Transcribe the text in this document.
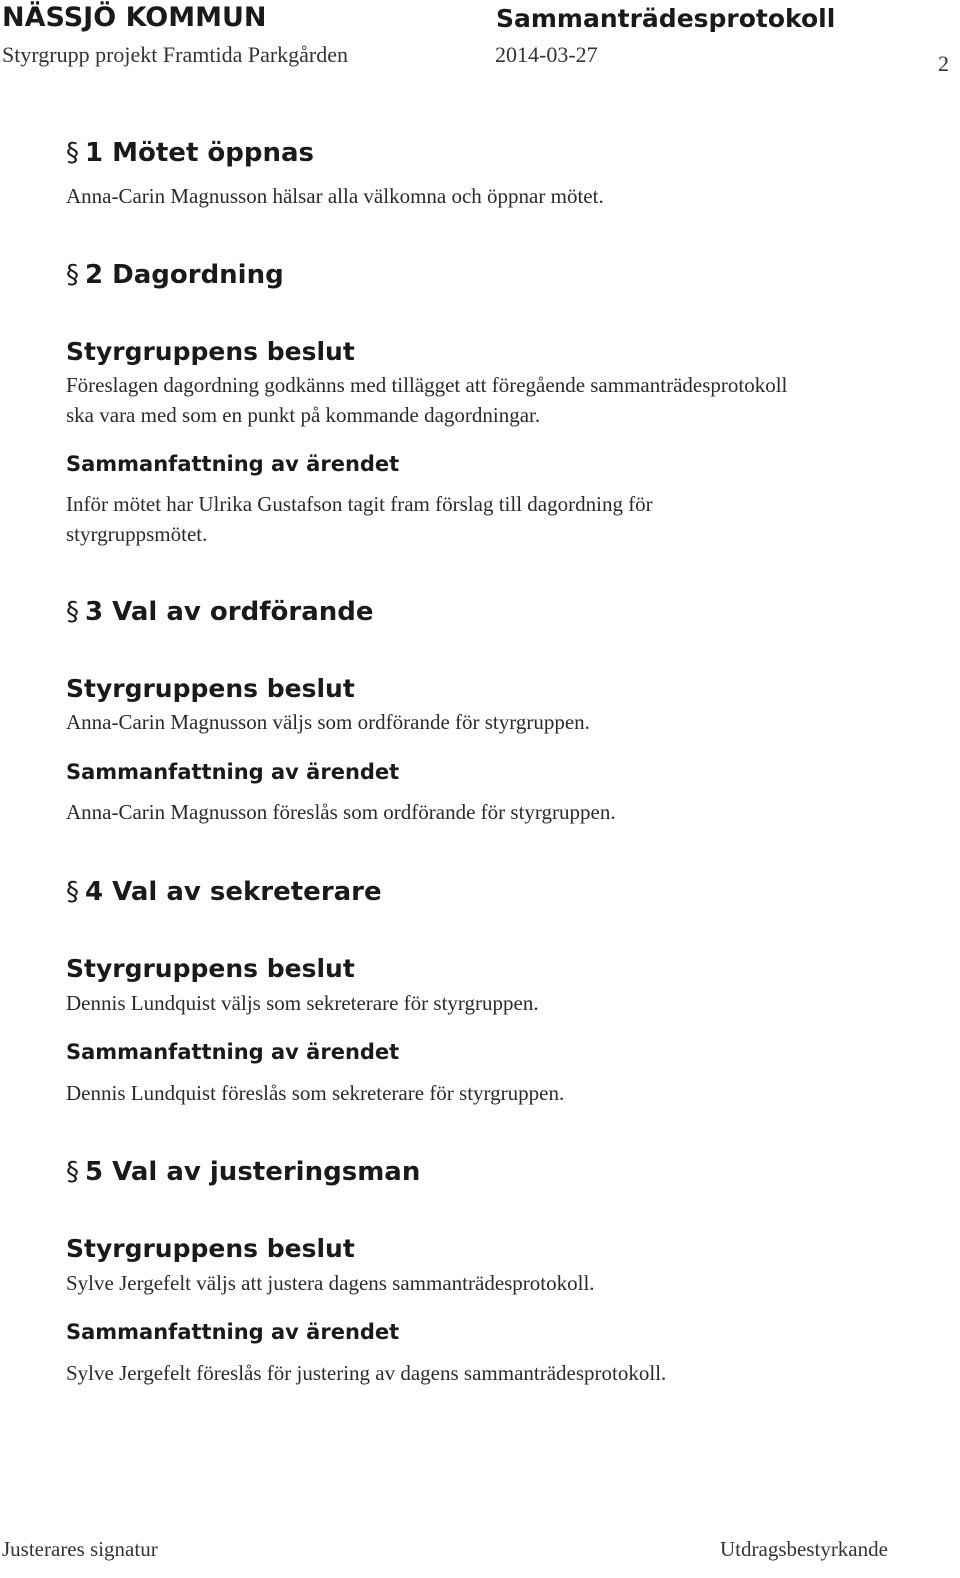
NÄSSJÖ KOMMUN	Sammanträdesprotokoll
Styrgrupp projekt Framtida Parkgården	2014-03-27	2
§ 1 Mötet öppnas
Anna-Carin Magnusson hälsar alla välkomna och öppnar mötet.
§ 2 Dagordning
Styrgruppens beslut
Föreslagen dagordning godkänns med tillägget att föregående sammanträdesprotokoll
ska vara med som en punkt på kommande dagordningar.
Sammanfattning av ärendet
Inför mötet har Ulrika Gustafson tagit fram förslag till dagordning för
styrgruppsmötet.
§ 3 Val av ordförande
Styrgruppens beslut
Anna-Carin Magnusson väljs som ordförande för styrgruppen.
Sammanfattning av ärendet
Anna-Carin Magnusson föreslås som ordförande för styrgruppen.
§ 4 Val av sekreterare
Styrgruppens beslut
Dennis Lundquist väljs som sekreterare för styrgruppen.
Sammanfattning av ärendet
Dennis Lundquist föreslås som sekreterare för styrgruppen.
§ 5 Val av justeringsman
Styrgruppens beslut
Sylve Jergefelt väljs att justera dagens sammanträdesprotokoll.
Sammanfattning av ärendet
Sylve Jergefelt föreslås för justering av dagens sammanträdesprotokoll.
Justerares signatur	Utdragsbestyrkande
